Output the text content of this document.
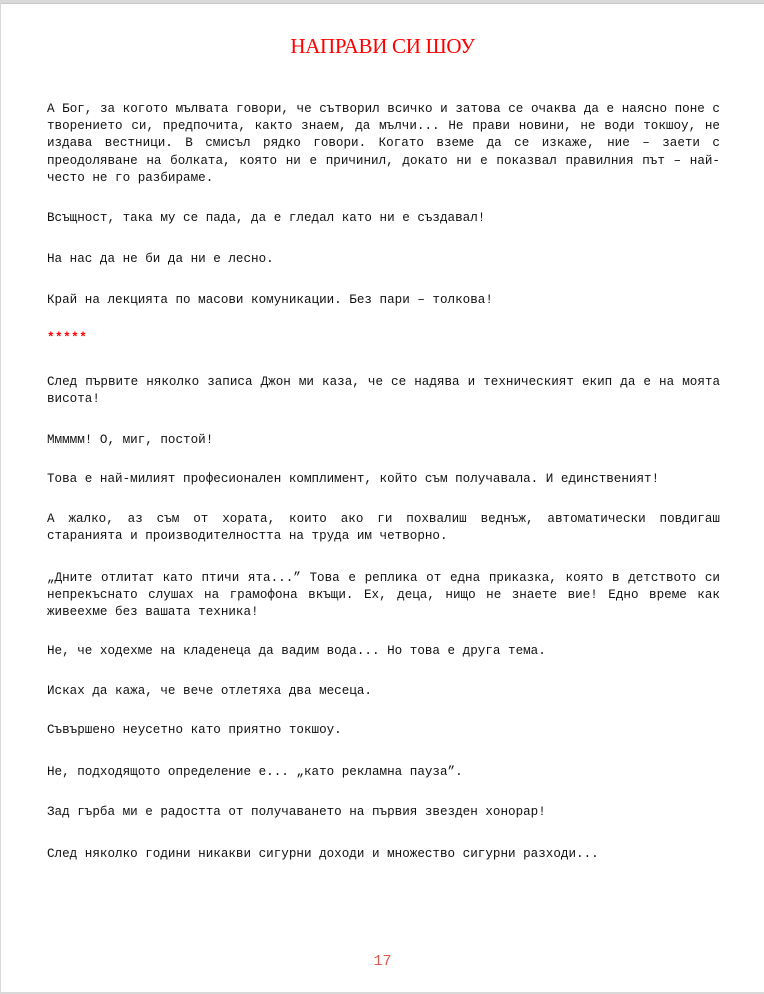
НАПРАВИ СИ ШОУ

А Бог, за когото мълвата говори, че сътворил всичко и затова се очаква да е наясно поне с творението си, предпочита, както знаем, да мълчи... Не прави новини, не води токшоу, не издава вестници. В смисъл рядко говори. Когато вземе да се изкаже, ние – заети с преодоляване на болката, която ни е причинил, докато ни е показвал правилния път – най-често не го разбираме.

Всъщност, така му се пада, да е гледал като ни е създавал!

На нас да не би да ни е лесно.

Край на лекцията по масови комуникации. Без пари – толкова!

*****

След първите няколко записа Джон ми каза, че се надява и техническият екип да е на моята висота!

Ммммм! О, миг, постой!

Това е най-милият професионален комплимент, който съм получавала. И единственият!

А жалко, аз съм от хората, които ако ги похвалиш веднъж, автоматически повдигаш старанията и производителността на труда им четворно.

„Дните отлитат като птичи ята...” Това е реплика от една приказка, която в детството си непрекъснато слушах на грамофона вкъщи. Ех, деца, нищо не знаете вие! Едно време как живеехме без вашата техника!

Не, че ходехме на кладенеца да вадим вода... Но това е друга тема.

Исках да кажа, че вече отлетяха два месеца.

Съвършено неусетно като приятно токшоу.

Не, подходящото определение е... „като рекламна пауза”.

Зад гърба ми е радостта от получаването на първия звезден хонорар!

След няколко години никакви сигурни доходи и множество сигурни разходи...

17
